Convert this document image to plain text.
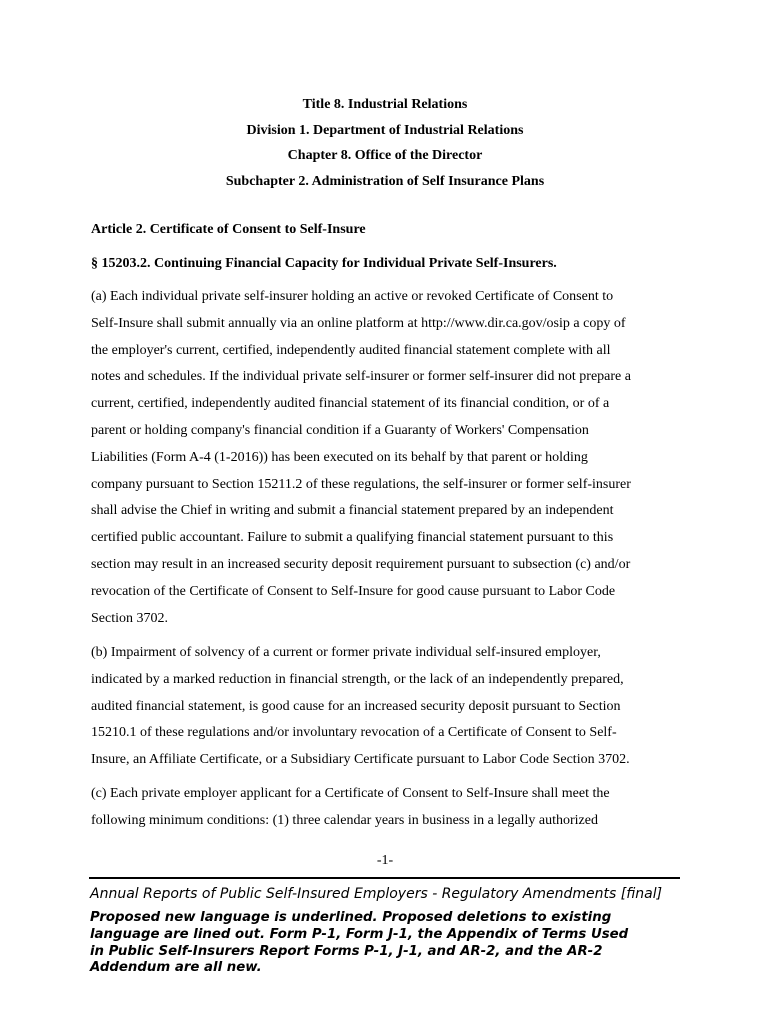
Title 8. Industrial Relations
Division 1. Department of Industrial Relations
Chapter 8. Office of the Director
Subchapter 2. Administration of Self Insurance Plans
Article 2. Certificate of Consent to Self-Insure
§ 15203.2. Continuing Financial Capacity for Individual Private Self-Insurers.
(a) Each individual private self-insurer holding an active or revoked Certificate of Consent to
Self-Insure shall submit annually via an online platform at http://www.dir.ca.gov/osip a copy of
the employer's current, certified, independently audited financial statement complete with all
notes and schedules. If the individual private self-insurer or former self-insurer did not prepare a
current, certified, independently audited financial statement of its financial condition, or of a
parent or holding company's financial condition if a Guaranty of Workers' Compensation
Liabilities (Form A-4 (1-2016)) has been executed on its behalf by that parent or holding
company pursuant to Section 15211.2 of these regulations, the self-insurer or former self-insurer
shall advise the Chief in writing and submit a financial statement prepared by an independent
certified public accountant. Failure to submit a qualifying financial statement pursuant to this
section may result in an increased security deposit requirement pursuant to subsection (c) and/or
revocation of the Certificate of Consent to Self-Insure for good cause pursuant to Labor Code
Section 3702.
(b) Impairment of solvency of a current or former private individual self-insured employer,
indicated by a marked reduction in financial strength, or the lack of an independently prepared,
audited financial statement, is good cause for an increased security deposit pursuant to Section
15210.1 of these regulations and/or involuntary revocation of a Certificate of Consent to Self-
Insure, an Affiliate Certificate, or a Subsidiary Certificate pursuant to Labor Code Section 3702.
(c) Each private employer applicant for a Certificate of Consent to Self-Insure shall meet the
following minimum conditions: (1) three calendar years in business in a legally authorized
-1-
Annual Reports of Public Self-Insured Employers - Regulatory Amendments [final]
Proposed new language is underlined. Proposed deletions to existing
language are lined out. Form P-1, Form J-1, the Appendix of Terms Used
in Public Self-Insurers Report Forms P-1, J-1, and AR-2, and the AR-2
Addendum are all new.
